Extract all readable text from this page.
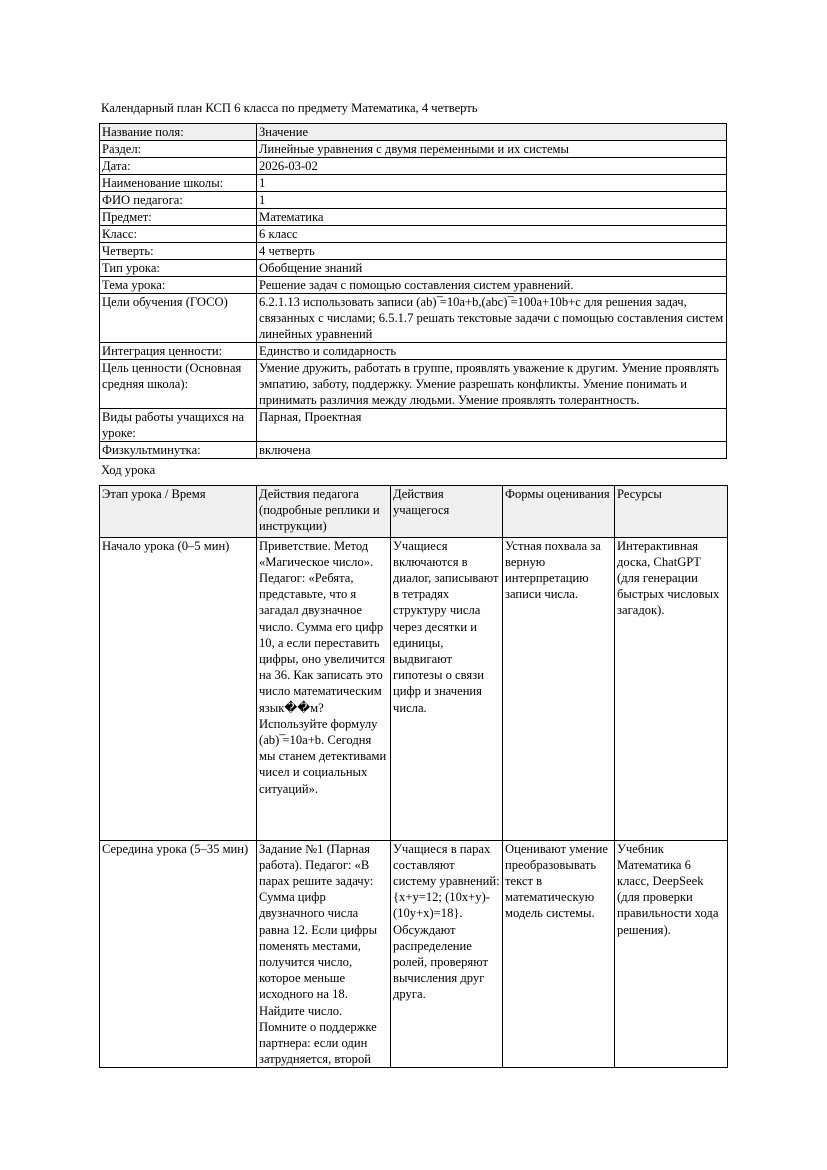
Календарный план КСП 6 класса по предмету Математика, 4 четверть
Название поля:	Значение
Раздел:	Линейные уравнения с двумя переменными и их системы
Дата:	2026-03-02
Наименование школы:	1
ФИО педагога:	1
Предмет:	Математика
Класс:	6 класс
Четверть:	4 четверть
Тип урока:	Обобщение знаний
Тема урока:	Решение задач с помощью составления систем уравнений.
Цели обучения (ГОСО)	6.2.1.13 использовать записи (ab) ̅=10a+b,(abc) ̅=100a+10b+c для решения задач, связанных с числами; 6.5.1.7 решать текстовые задачи с помощью составления систем линейных уравнений
Интеграция ценности:	Единство и солидарность
Цель ценности (Основная средняя школа):	Умение дружить, работать в группе, проявлять уважение к другим. Умение проявлять эмпатию, заботу, поддержку. Умение разрешать конфликты. Умение понимать и принимать различия между людьми. Умение проявлять толерантность.
Виды работы учащихся на уроке:	Парная, Проектная
Физкультминутка:	включена
Ход урока
Этап урока / Время	Действия педагога (подробные реплики и инструкции)	Действия учащегося	Формы оценивания	Ресурсы
Начало урока (0–5 мин)	Приветствие. Метод «Магическое число». Педагог: «Ребята, представьте, что я загадал двузначное число. Сумма его цифр 10, а если переставить цифры, оно увеличится на 36. Как записать это число математическим язык��м? Используйте формулу (ab) ̅=10a+b. Сегодня мы станем детективами чисел и социальных ситуаций».	Учащиеся включаются в диалог, записывают в тетрадях структуру числа через десятки и единицы, выдвигают гипотезы о связи цифр и значения числа.	Устная похвала за верную интерпретацию записи числа.	Интерактивная доска, ChatGPT (для генерации быстрых числовых загадок).
Середина урока (5–35 мин)	Задание №1 (Парная работа). Педагог: «В парах решите задачу: Сумма цифр двузначного числа равна 12. Если цифры поменять местами, получится число, которое меньше исходного на 18. Найдите число. Помните о поддержке партнера: если один затрудняется, второй	Учащиеся в парах составляют систему уравнений: {x+y=12; (10x+y)-(10y+x)=18}. Обсуждают распределение ролей, проверяют вычисления друг друга.	Оценивают умение преобразовывать текст в математическую модель системы.	Учебник Математика 6 класс, DeepSeek (для проверки правильности хода решения).
